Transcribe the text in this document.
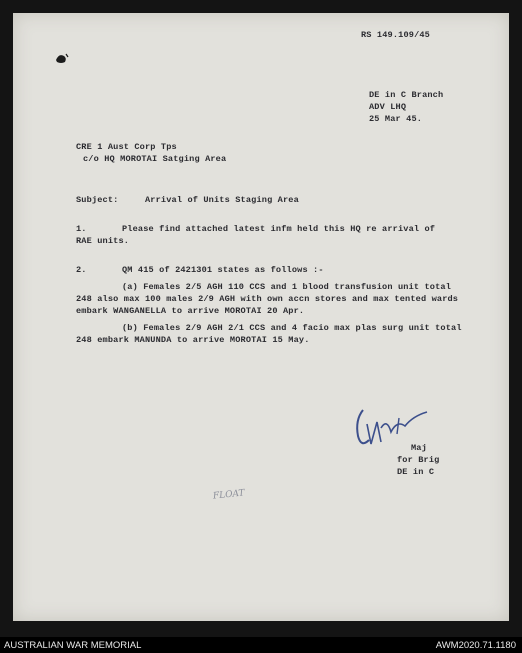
RS 149.109/45
DE in C Branch
ADV LHQ
25 Mar 45.
CRE 1 Aust Corp Tps
c/o HQ MOROTAI Satging Area
Subject:	Arrival of Units Staging Area
1.	Please find attached latest infm held this HQ re arrival of RAE units.
2.	QM 415 of 2421301 states as follows :-
(a) Females 2/5 AGH 110 CCS and 1 blood transfusion unit total 248 also max 100 males 2/9 AGH with own accn stores and max tented wards embark WANGANELLA to arrive MOROTAI 20 Apr.
(b) Females 2/9 AGH 2/1 CCS and 4 facio max plas surg unit total 248 embark MANUNDA to arrive MOROTAI 15 May.
Maj
for Brig
DE in C
FLOAT
AUSTRALIAN WAR MEMORIAL	AWM2020.71.1180
